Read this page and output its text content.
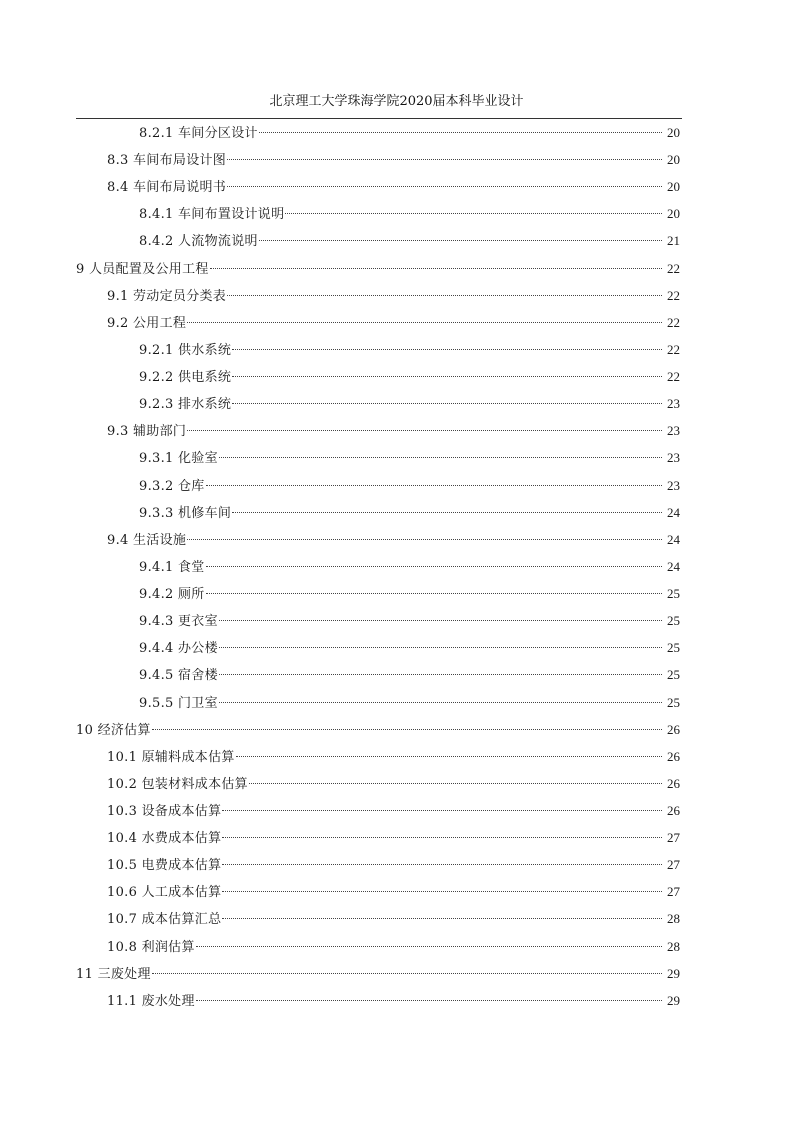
北京理工大学珠海学院2020届本科毕业设计
8.2.1 车间分区设计	20
8.3 车间布局设计图	20
8.4 车间布局说明书	20
8.4.1 车间布置设计说明	20
8.4.2 人流物流说明	21
9 人员配置及公用工程	22
9.1 劳动定员分类表	22
9.2 公用工程	22
9.2.1 供水系统	22
9.2.2 供电系统	22
9.2.3 排水系统	23
9.3 辅助部门	23
9.3.1 化验室	23
9.3.2 仓库	23
9.3.3 机修车间	24
9.4 生活设施	24
9.4.1 食堂	24
9.4.2 厕所	25
9.4.3 更衣室	25
9.4.4 办公楼	25
9.4.5 宿舍楼	25
9.5.5 门卫室	25
10 经济估算	26
10.1 原辅料成本估算	26
10.2 包装材料成本估算	26
10.3 设备成本估算	26
10.4 水费成本估算	27
10.5 电费成本估算	27
10.6 人工成本估算	27
10.7 成本估算汇总	28
10.8 利润估算	28
11 三废处理	29
11.1 废水处理	29
